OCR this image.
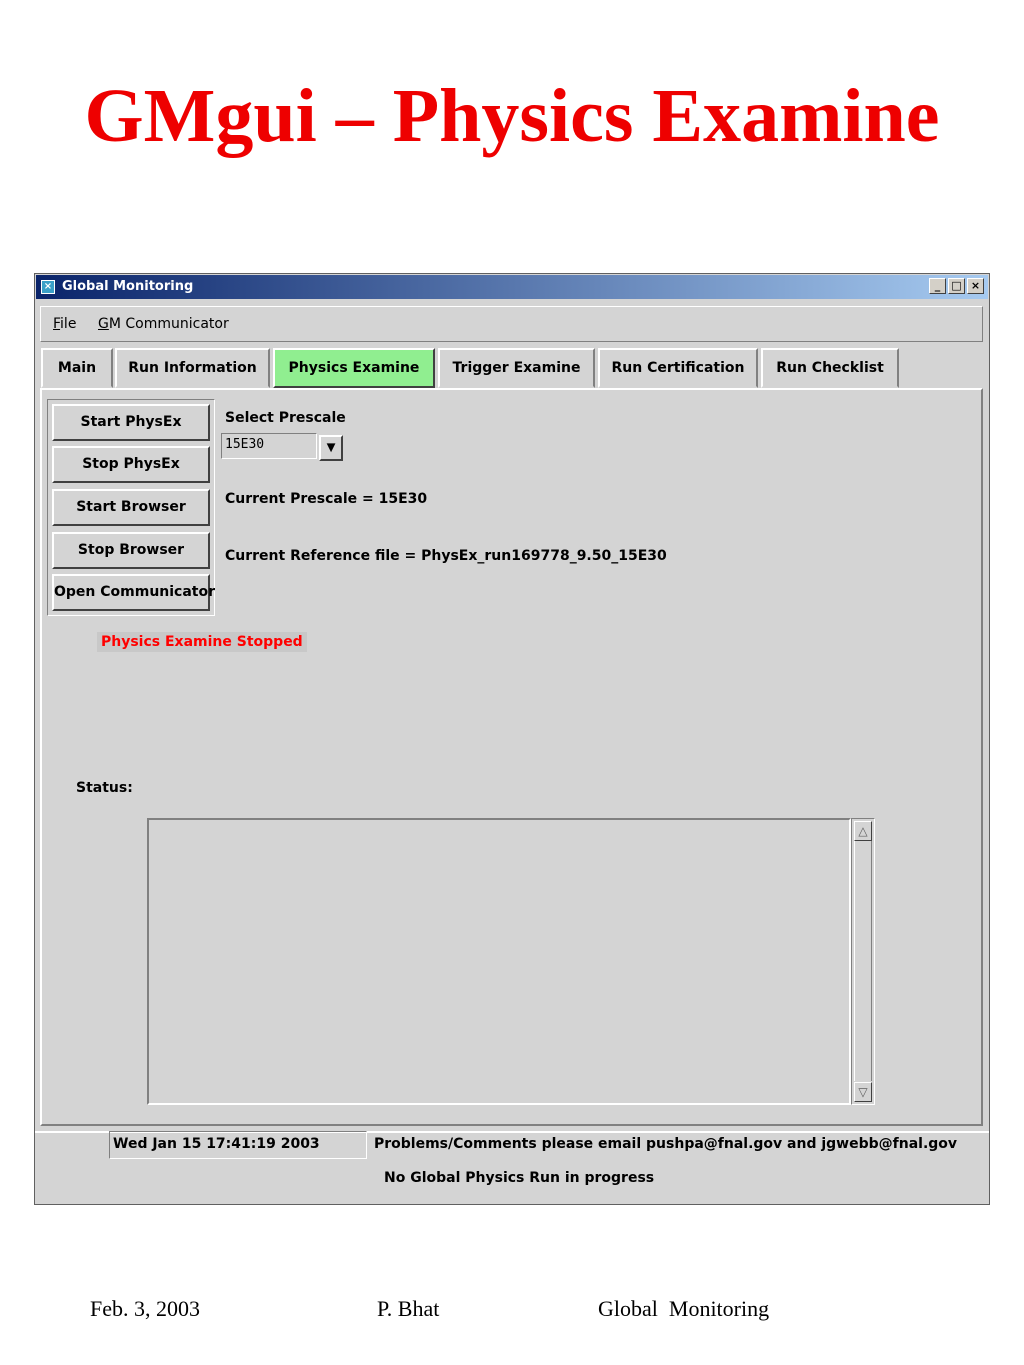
GMgui – Physics Examine
× Global Monitoring	_	□ ×
File GM Communicator
Main	Run Information	Physics Examine	Trigger Examine	Run Certification	Run Checklist
Start PhysEx
Stop PhysEx
Start Browser
Stop Browser
Open Communicator
Select Prescale
15E30	▼
Current Prescale = 15E30
Current Reference file = PhysEx_run169778_9.50_15E30
Physics Examine Stopped
Status:
△
▽
Wed Jan 15 17:41:19 2003	Problems/Comments please email pushpa@fnal.gov and jgwebb@fnal.gov
No Global Physics Run in progress
Feb. 3, 2003	P. Bhat	Global  Monitoring
